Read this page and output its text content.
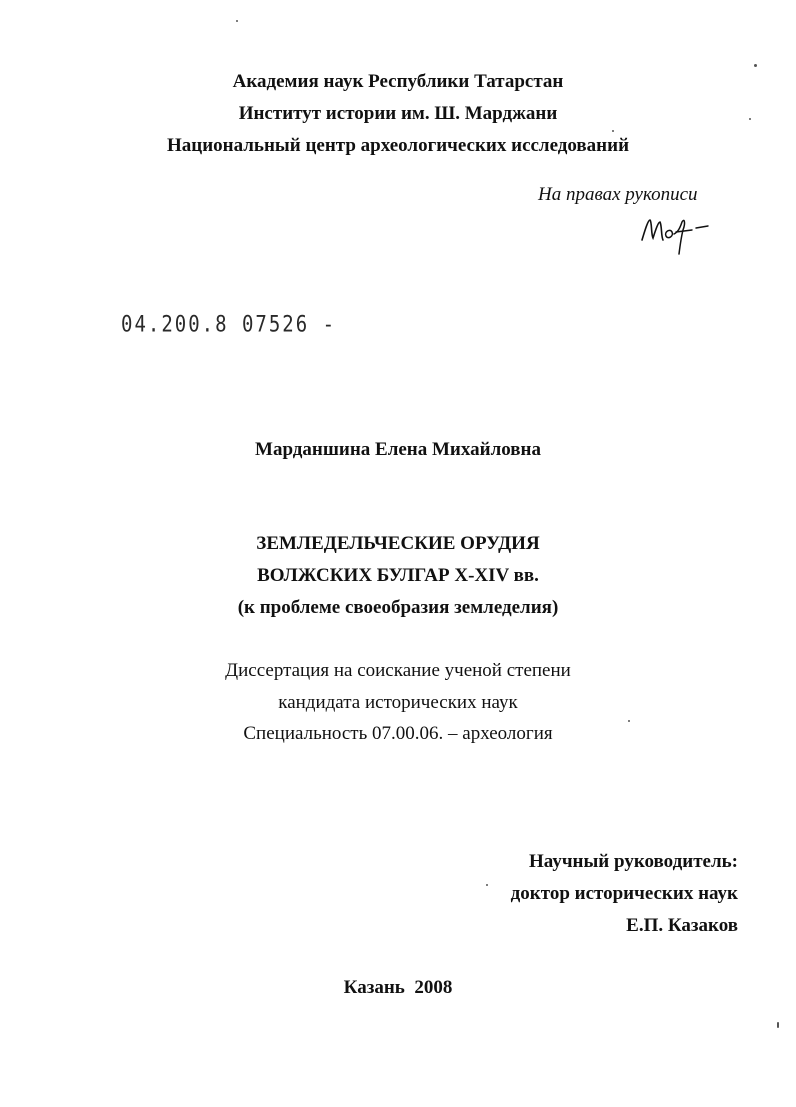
Академия наук Республики Татарстан
Институт истории им. Ш. Марджани
Национальный центр археологических исследований
На правах рукописи
04.200.8 07526 -
Марданшина Елена Михайловна
ЗЕМЛЕДЕЛЬЧЕСКИЕ ОРУДИЯ
ВОЛЖСКИХ БУЛГАР X-XIV вв.
(к проблеме своеобразия земледелия)
Диссертация на соискание ученой степени
кандидата исторических наук
Специальность 07.00.06. – археология
Научный руководитель:
доктор исторических наук
Е.П. Казаков
Казань  2008
